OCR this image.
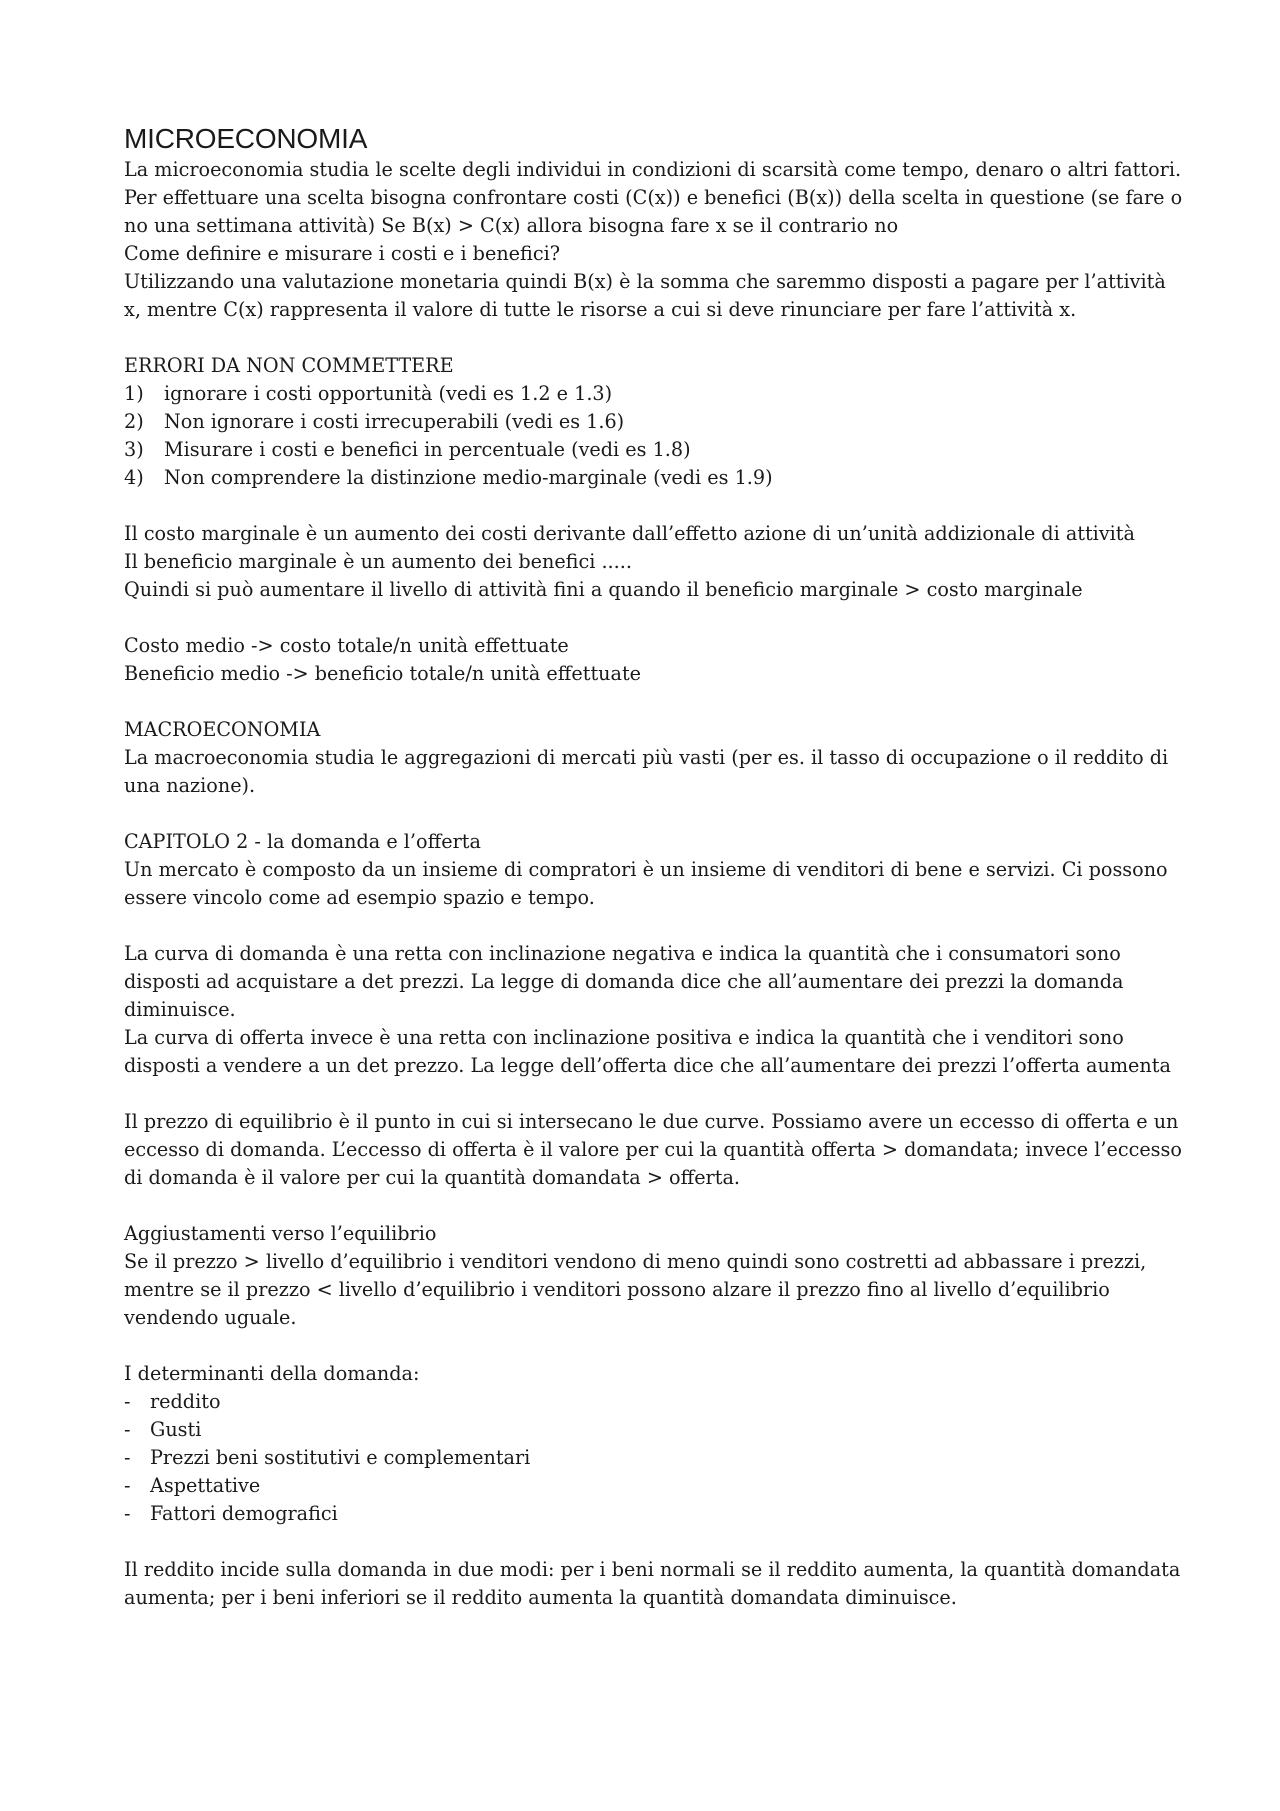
MICROECONOMIA

La microeconomia studia le scelte degli individui in condizioni di scarsità come tempo, denaro o altri fattori.

Per effettuare una scelta bisogna confrontare costi (C(x)) e benefici (B(x)) della scelta in questione (se fare o no una settimana attività) Se B(x) > C(x) allora bisogna fare x se il contrario no

Come definire e misurare i costi e i benefici?

Utilizzando una valutazione monetaria quindi B(x) è la somma che saremmo disposti a pagare per l’attività x, mentre C(x) rappresenta il valore di tutte le risorse a cui si deve rinunciare per fare l’attività x.

ERRORI DA NON COMMETTERE

1)	ignorare i costi opportunità (vedi es 1.2 e 1.3)
2)	Non ignorare i costi irrecuperabili (vedi es 1.6)
3)	Misurare i costi e benefici in percentuale (vedi es 1.8)
4)	Non comprendere la distinzione medio-marginale (vedi es 1.9)

Il costo marginale è un aumento dei costi derivante dall’effetto azione di un’unità addizionale di attività

Il beneficio marginale è un aumento dei benefici .....

Quindi si può aumentare il livello di attività fini a quando il beneficio marginale > costo marginale

Costo medio -> costo totale/n unità effettuate

Beneficio medio -> beneficio totale/n unità effettuate

MACROECONOMIA

La macroeconomia studia le aggregazioni di mercati più vasti (per es. il tasso di occupazione o il reddito di una nazione).

CAPITOLO 2 - la domanda e l’offerta

Un mercato è composto da un insieme di compratori è un insieme di venditori di bene e servizi. Ci possono essere vincolo come ad esempio spazio e tempo.

La curva di domanda è una retta con inclinazione negativa e indica la quantità che i consumatori sono disposti ad acquistare a det prezzi. La legge di domanda dice che all’aumentare dei prezzi la domanda diminuisce.

La curva di offerta invece è una retta con inclinazione positiva e indica la quantità che i venditori sono disposti a vendere a un det prezzo. La legge dell’offerta dice che all’aumentare dei prezzi l’offerta aumenta

Il prezzo di equilibrio è il punto in cui si intersecano le due curve. Possiamo avere un eccesso di offerta e un eccesso di domanda. L’eccesso di offerta è il valore per cui la quantità offerta > domandata; invece l’eccesso di domanda è il valore per cui la quantità domandata > offerta.

Aggiustamenti verso l’equilibrio

Se il prezzo > livello d’equilibrio i venditori vendono di meno quindi sono costretti ad abbassare i prezzi, mentre se il prezzo < livello d’equilibrio i venditori possono alzare il prezzo fino al livello d’equilibrio vendendo uguale.

I determinanti della domanda:

-	reddito
-	Gusti
-	Prezzi beni sostitutivi e complementari
-	Aspettative
-	Fattori demografici

Il reddito incide sulla domanda in due modi: per i beni normali se il reddito aumenta, la quantità domandata aumenta; per i beni inferiori se il reddito aumenta la quantità domandata diminuisce.
